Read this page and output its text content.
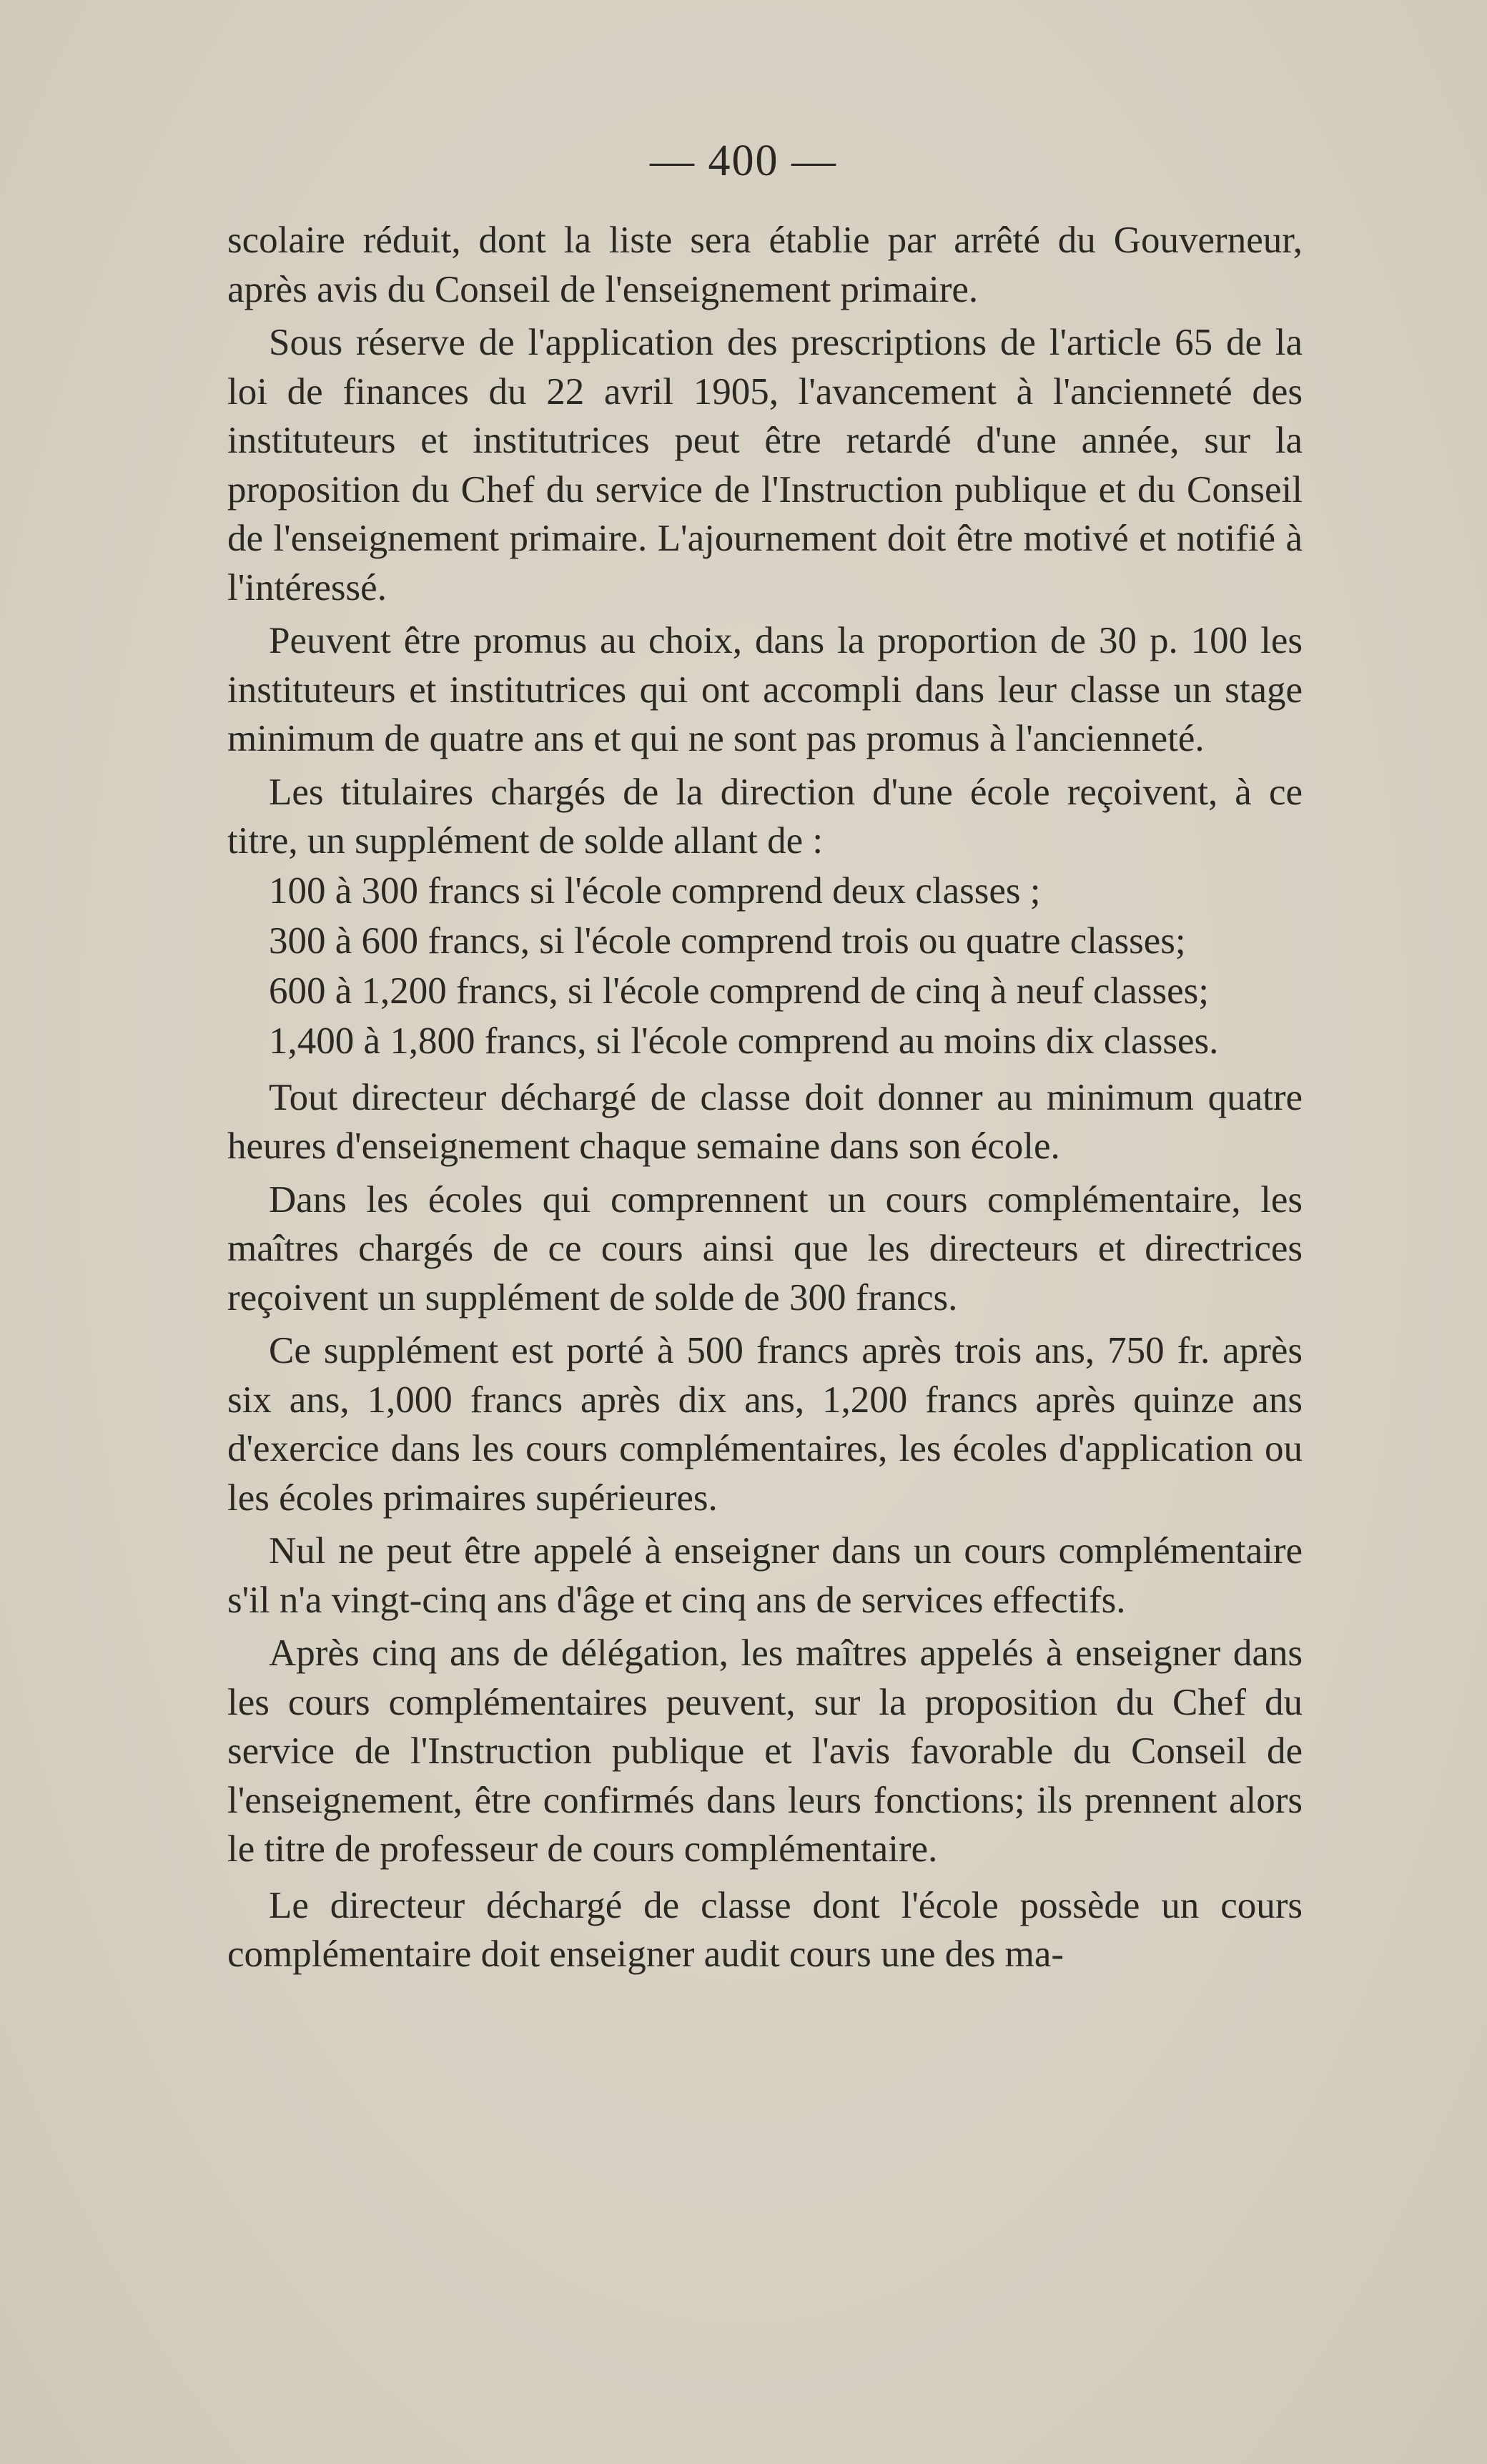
— 400 —

scolaire réduit, dont la liste sera établie par arrêté du Gouverneur, après avis du Conseil de l'enseignement primaire.

Sous réserve de l'application des prescriptions de l'article 65 de la loi de finances du 22 avril 1905, l'avancement à l'ancienneté des instituteurs et institutrices peut être retardé d'une année, sur la proposition du Chef du service de l'Instruction publique et du Conseil de l'enseignement primaire. L'ajournement doit être motivé et notifié à l'intéressé.

Peuvent être promus au choix, dans la proportion de 30 p. 100 les instituteurs et institutrices qui ont accompli dans leur classe un stage minimum de quatre ans et qui ne sont pas promus à l'ancienneté.

Les titulaires chargés de la direction d'une école reçoivent, à ce titre, un supplément de solde allant de :

100 à 300 francs si l'école comprend deux classes ;

300 à 600 francs, si l'école comprend trois ou quatre classes;

600 à 1,200 francs, si l'école comprend de cinq à neuf classes;

1,400 à 1,800 francs, si l'école comprend au moins dix classes.

Tout directeur déchargé de classe doit donner au minimum quatre heures d'enseignement chaque semaine dans son école.

Dans les écoles qui comprennent un cours complémentaire, les maîtres chargés de ce cours ainsi que les directeurs et directrices reçoivent un supplément de solde de 300 francs.

Ce supplément est porté à 500 francs après trois ans, 750 fr. après six ans, 1,000 francs après dix ans, 1,200 francs après quinze ans d'exercice dans les cours complémentaires, les écoles d'application ou les écoles primaires supérieures.

Nul ne peut être appelé à enseigner dans un cours complémentaire s'il n'a vingt-cinq ans d'âge et cinq ans de services effectifs.

Après cinq ans de délégation, les maîtres appelés à enseigner dans les cours complémentaires peuvent, sur la proposition du Chef du service de l'Instruction publique et l'avis favorable du Conseil de l'enseignement, être confirmés dans leurs fonctions; ils prennent alors le titre de professeur de cours complémentaire.

Le directeur déchargé de classe dont l'école possède un cours complémentaire doit enseigner audit cours une des ma-
